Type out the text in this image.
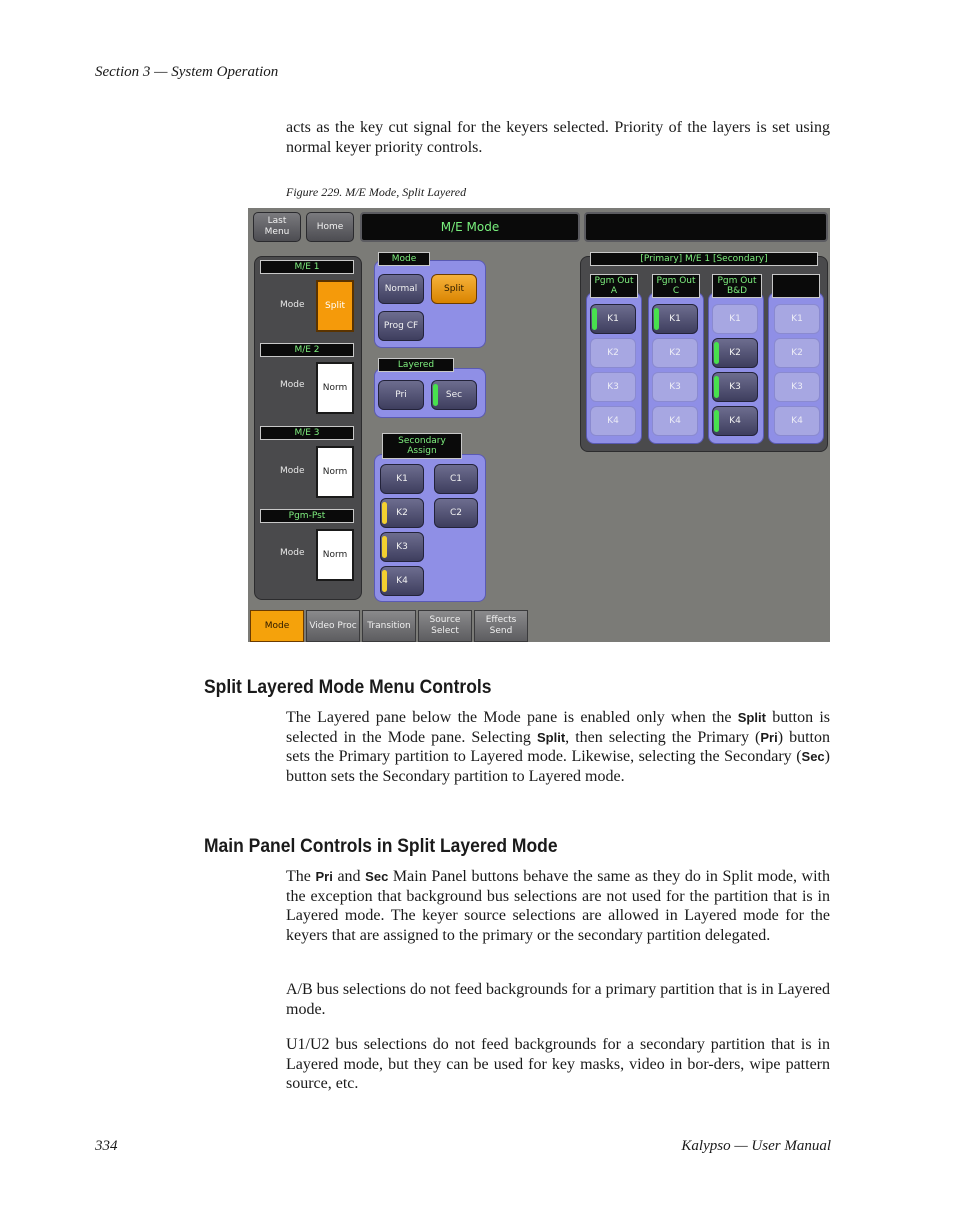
Section 3 — System Operation
acts as the key cut signal for the keyers selected. Priority of the layers is set using normal keyer priority controls.
Figure 229. M/E Mode, Split Layered
Last Menu
Home	M/E Mode
M/E 1
Mode	Split
M/E 2
Mode	Norm
M/E 3
Mode	Norm
Pgm-Pst
Mode	Norm
Mode
Normal	Split
Prog CF
Layered
Pri	Sec
Secondary Assign
K1	C1
K2	C2
K3
K4
[Primary] M/E 1 [Secondary]
Pgm Out A
K1
K2
K3
K4
Pgm Out C
K1
K2
K3
K4
Pgm Out B&D
K1
K2
K3
K4
K1
K2
K3
K4
Mode	Video Proc	Transition
Source Select
Effects Send
Split Layered Mode Menu Controls
The Layered pane below the Mode pane is enabled only when the Split button is selected in the Mode pane. Selecting Split, then selecting the Primary (Pri) button sets the Primary partition to Layered mode. Likewise, selecting the Secondary (Sec) button sets the Secondary partition to Layered mode.
Main Panel Controls in Split Layered Mode
The Pri and Sec Main Panel buttons behave the same as they do in Split mode, with the exception that background bus selections are not used for the partition that is in Layered mode. The keyer source selections are allowed in Layered mode for the keyers that are assigned to the primary or the secondary partition delegated.
A/B bus selections do not feed backgrounds for a primary partition that is in Layered mode.
U1/U2 bus selections do not feed backgrounds for a secondary partition that is in Layered mode, but they can be used for key masks, video in bor-ders, wipe pattern source, etc.
334	Kalypso — User Manual
